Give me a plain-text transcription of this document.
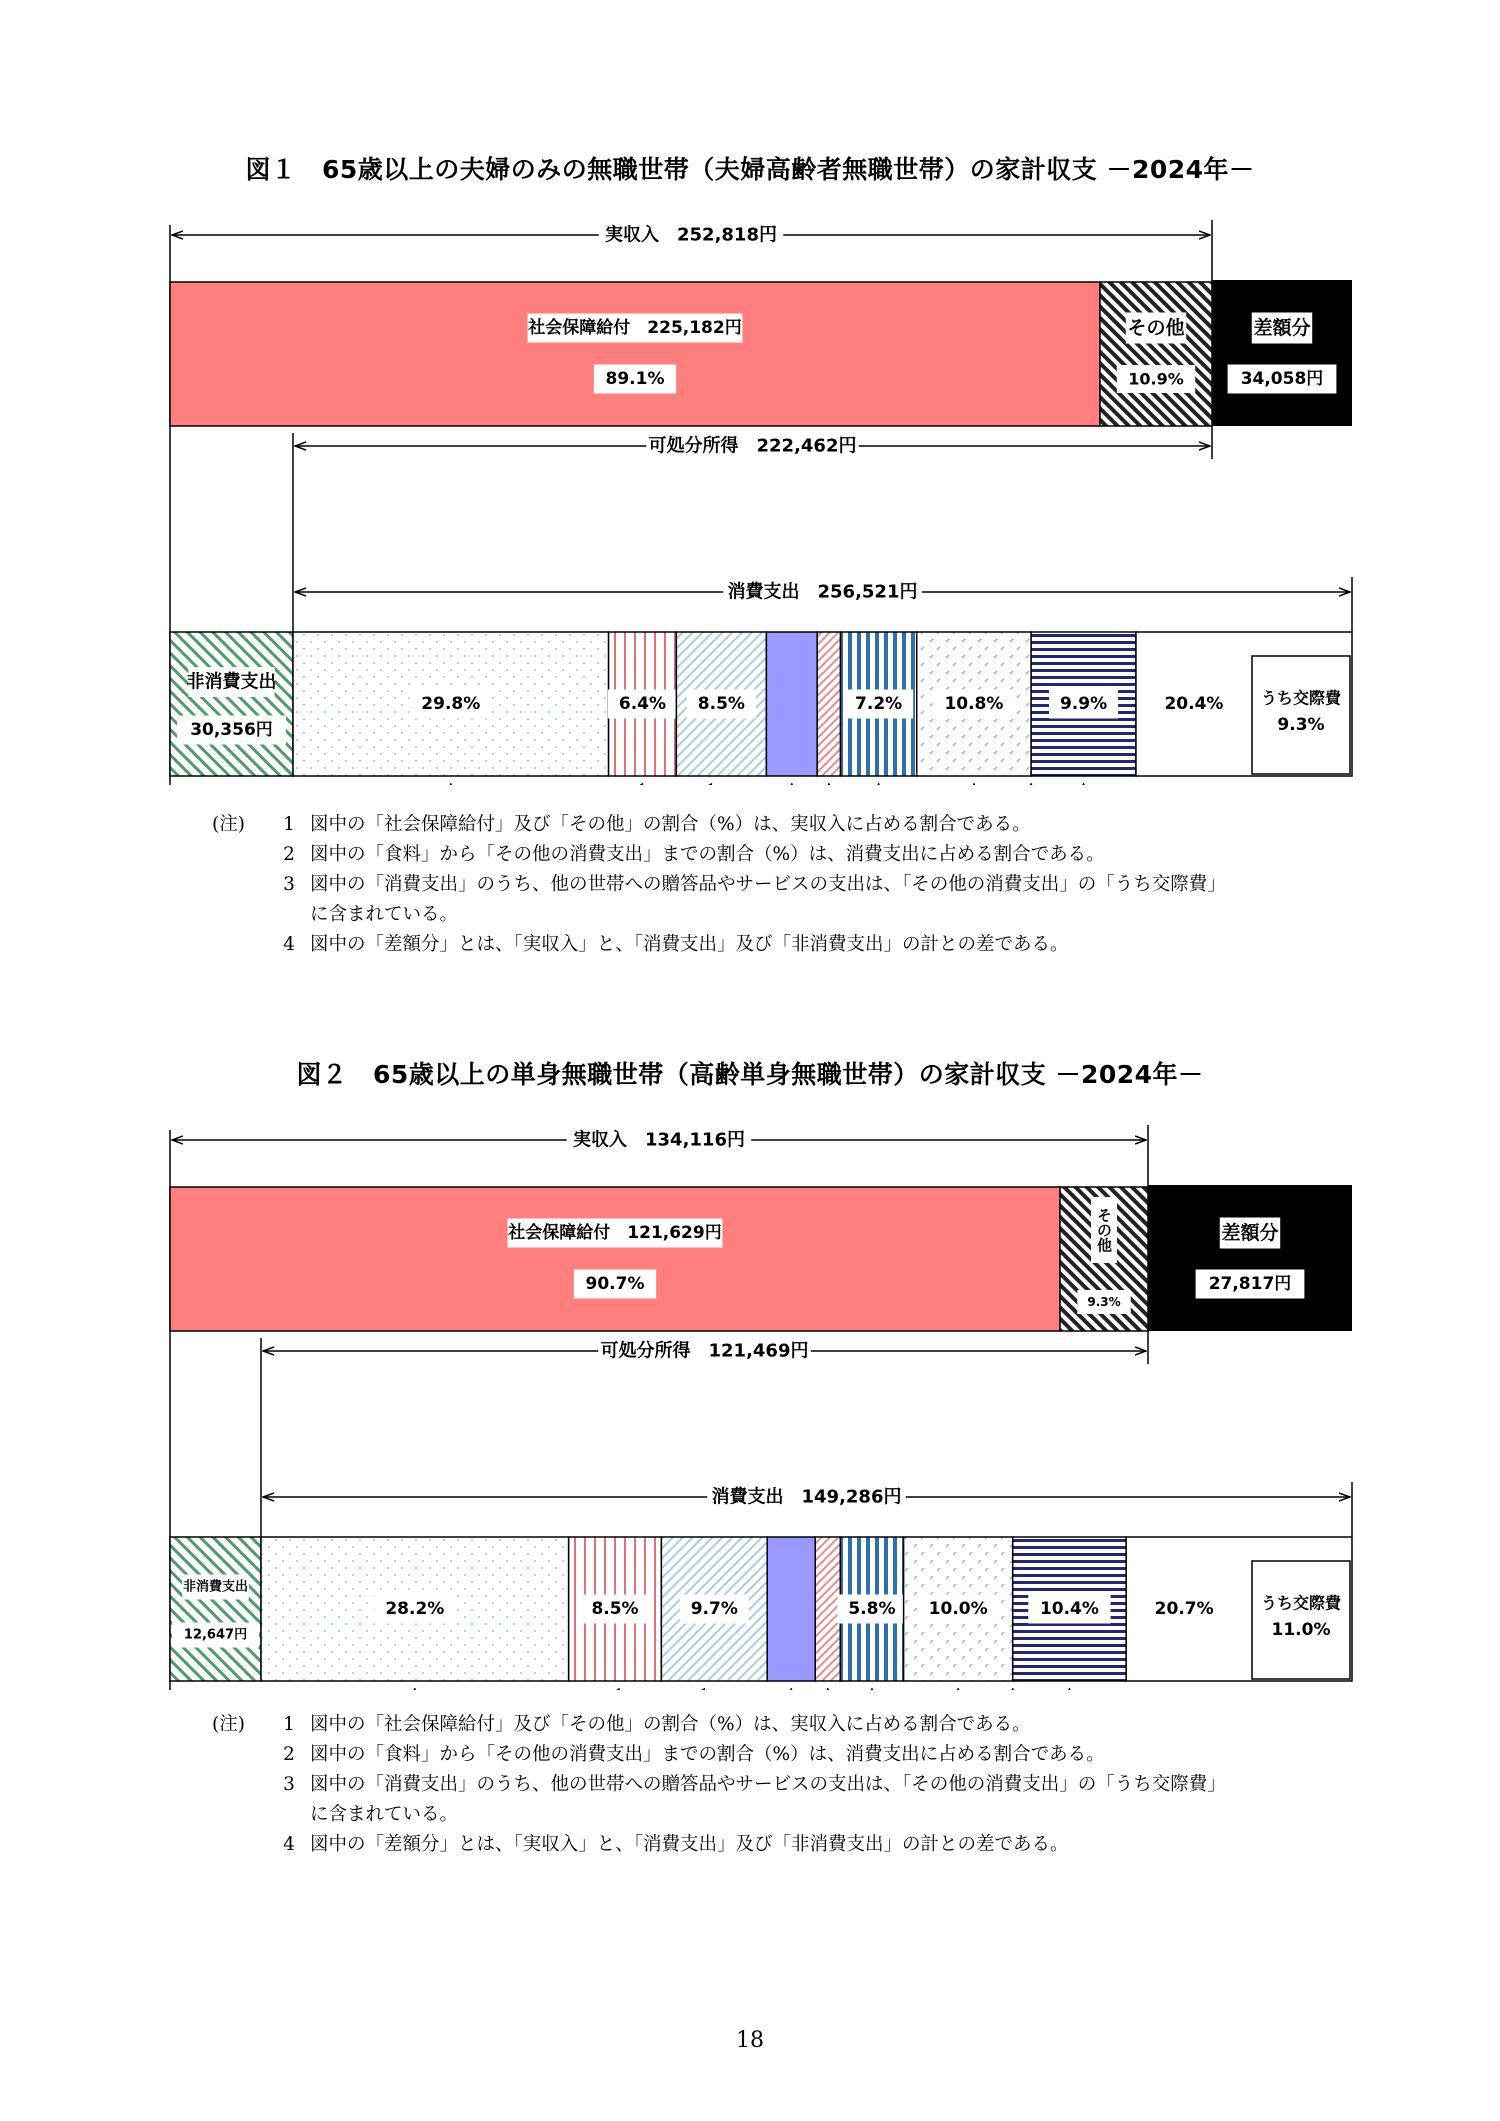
図１　65歳以上の夫婦のみの無職世帯（夫婦高齢者無職世帯）の家計収支 －2024年－
実収入　252,818円
社会保障給付　225,182円
89.1%
その他
10.9%
差額分
34,058円
可処分所得　222,462円
消費支出　256,521円
非消費支出
30,356円
29.8%	6.4% 8.5%	7.2% 10.8%	9.9%	20.4% うち交際費
9.3%
(注)	1 図中の「社会保障給付」及び「その他」の割合（%）は、実収入に占める割合である。
2 図中の「食料」から「その他の消費支出」までの割合（%）は、消費支出に占める割合である。
3 図中の「消費支出」のうち、他の世帯への贈答品やサービスの支出は、「その他の消費支出」の「うち交際費」
に含まれている。
4 図中の「差額分」とは、「実収入」と、「消費支出」及び「非消費支出」の計との差である。
図２　65歳以上の単身無職世帯（高齢単身無職世帯）の家計収支 －2024年－
実収入　134,116円
社会保障給付　121,629円
90.7%
その他
9.3%
差額分
27,817円
可処分所得　121,469円
消費支出　149,286円
非消費支出
12,647円
28.2%	8.5%	9.7%	5.8% 10.0%	10.4%	20.7%	うち交際費
11.0%
(注)	1 図中の「社会保障給付」及び「その他」の割合（%）は、実収入に占める割合である。
2 図中の「食料」から「その他の消費支出」までの割合（%）は、消費支出に占める割合である。
3 図中の「消費支出」のうち、他の世帯への贈答品やサービスの支出は、「その他の消費支出」の「うち交際費」
に含まれている。
4 図中の「差額分」とは、「実収入」と、「消費支出」及び「非消費支出」の計との差である。
18
